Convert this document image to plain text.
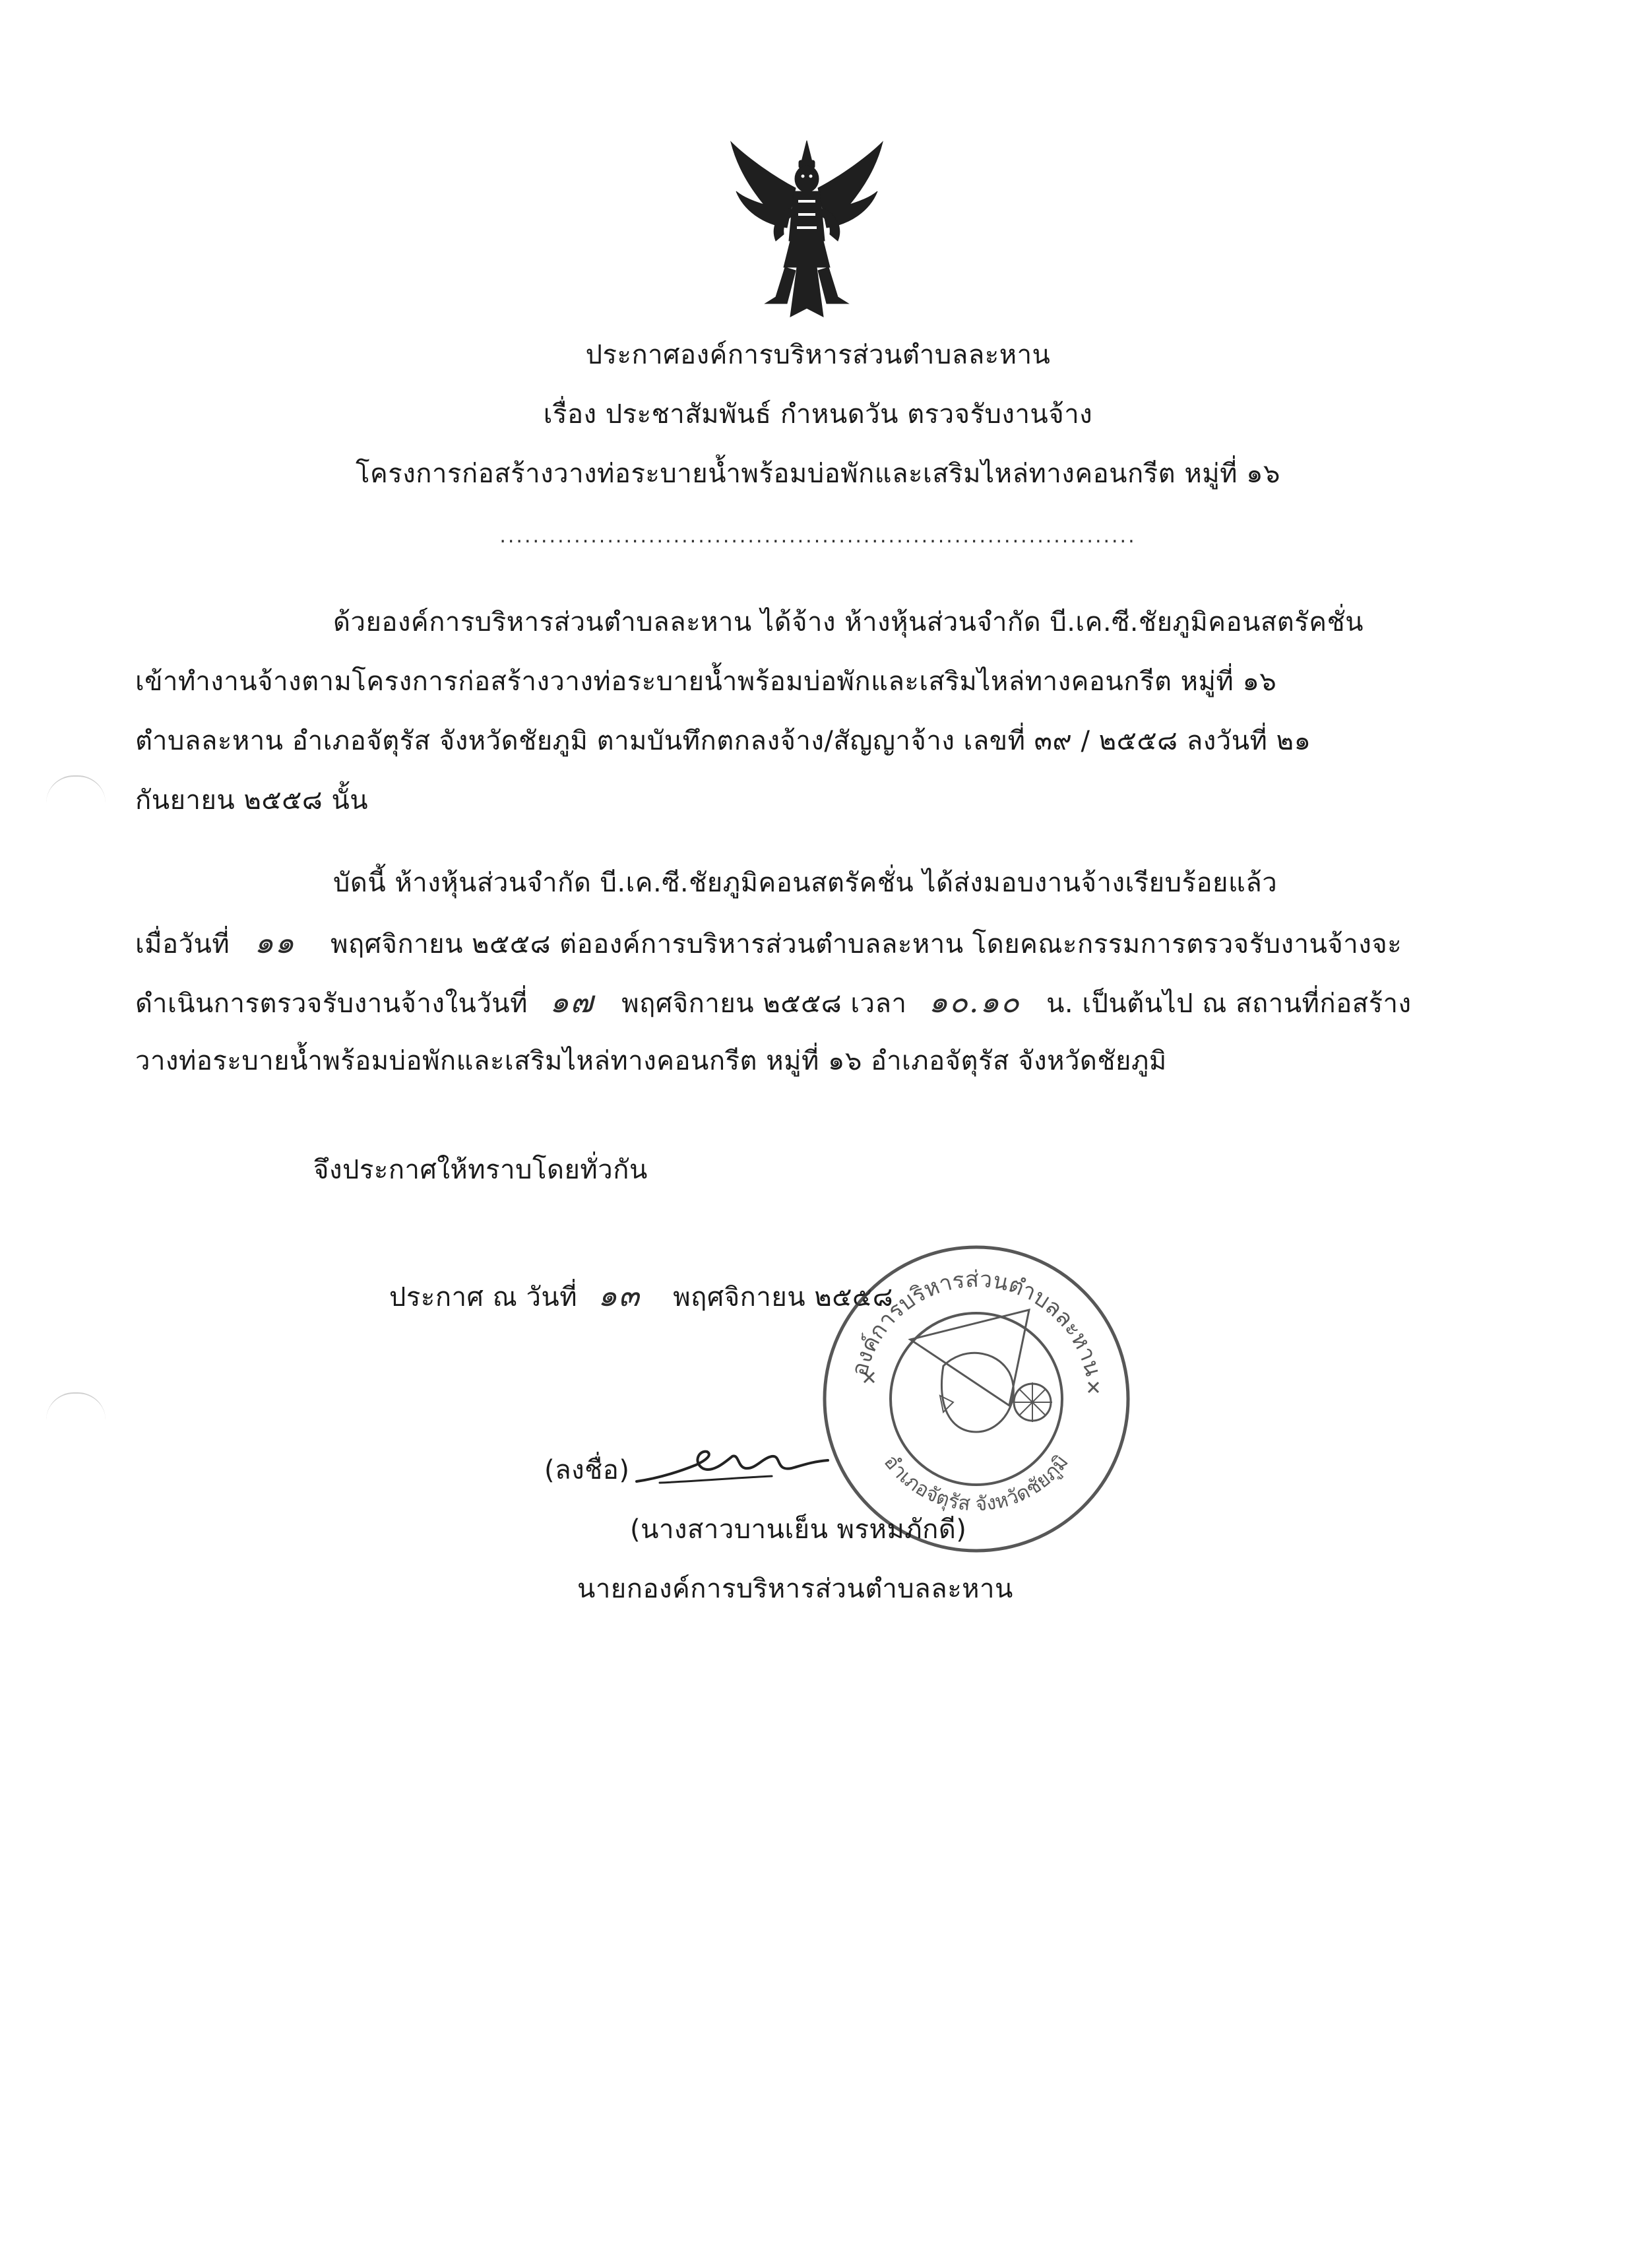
ประกาศองค์การบริหารส่วนตำบลละหาน
เรื่อง ประชาสัมพันธ์ กำหนดวัน ตรวจรับงานจ้าง
โครงการก่อสร้างวางท่อระบายน้ำพร้อมบ่อพักและเสริมไหล่ทางคอนกรีต หมู่ที่ ๑๖
.............................................................................
ด้วยองค์การบริหารส่วนตำบลละหาน ได้จ้าง ห้างหุ้นส่วนจำกัด บี.เค.ซี.ชัยภูมิคอนสตรัคชั่น
เข้าทำงานจ้างตามโครงการก่อสร้างวางท่อระบายน้ำพร้อมบ่อพักและเสริมไหล่ทางคอนกรีต หมู่ที่ ๑๖
ตำบลละหาน อำเภอจัตุรัส จังหวัดชัยภูมิ ตามบันทึกตกลงจ้าง/สัญญาจ้าง เลขที่ ๓๙ / ๒๕๕๘ ลงวันที่ ๒๑
กันยายน ๒๕๕๘ นั้น
บัดนี้ ห้างหุ้นส่วนจำกัด บี.เค.ซี.ชัยภูมิคอนสตรัคชั่น ได้ส่งมอบงานจ้างเรียบร้อยแล้ว
เมื่อวันที่ ๑๑ พฤศจิกายน ๒๕๕๘ ต่อองค์การบริหารส่วนตำบลละหาน โดยคณะกรรมการตรวจรับงานจ้างจะ
ดำเนินการตรวจรับงานจ้างในวันที่ ๑๗ พฤศจิกายน ๒๕๕๘ เวลา ๑๐.๑๐ น. เป็นต้นไป ณ สถานที่ก่อสร้าง
วางท่อระบายน้ำพร้อมบ่อพักและเสริมไหล่ทางคอนกรีต หมู่ที่ ๑๖ อำเภอจัตุรัส จังหวัดชัยภูมิ
จึงประกาศให้ทราบโดยทั่วกัน
ประกาศ ณ วันที่ ๑๓ พฤศจิกายน ๒๕๕๘
องค์การบริหารส่วนตำบลละหาน
อำเภอจัตุรัส จังหวัดชัยภูมิ
(ลงชื่อ)
(นางสาวบานเย็น พรหมภักดี)
นายกองค์การบริหารส่วนตำบลละหาน
